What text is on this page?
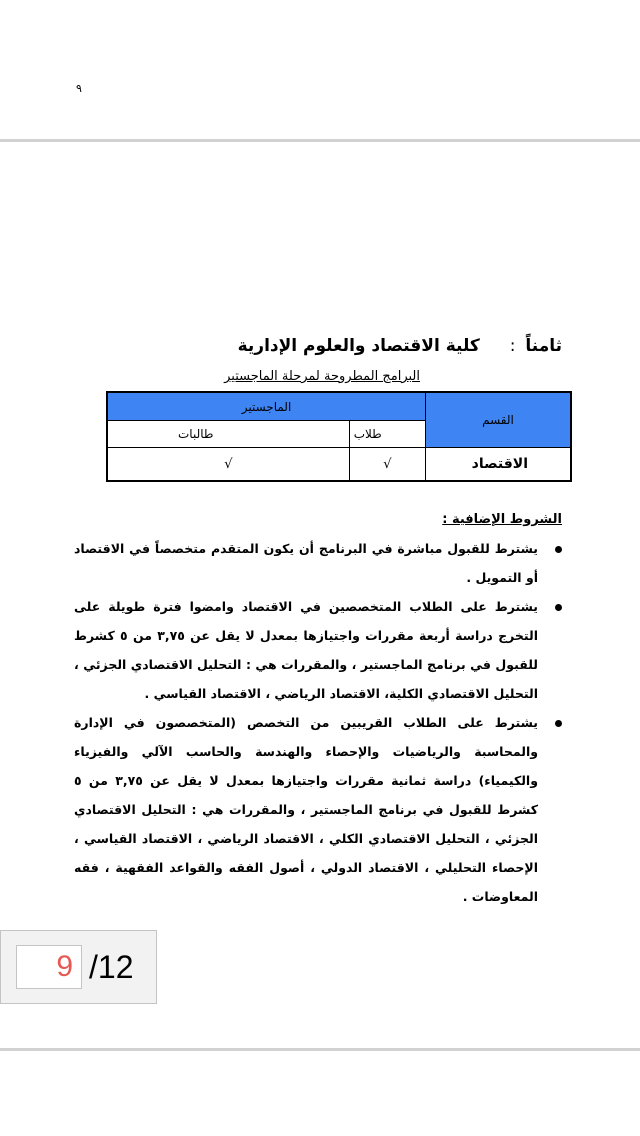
٩
ثامناً : كلية الاقتصاد والعلوم الإدارية
البرامج المطروحة لمرحلة الماجستير
القسم	الماجستير	
	طلاب	طالبات
الاقتصاد	√	√
الشروط الإضافية :
يشترط للقبول مباشرة في البرنامج أن يكون المتقدم متخصصاً في الاقتصاد أو التمويل .
يشترط على الطلاب المتخصصين في الاقتصاد وامضوا فترة طويلة على التخرج دراسة أربعة مقررات واجتيازها بمعدل لا يقل عن ٣,٧٥ من ٥ كشرط للقبول في برنامج الماجستير ، والمقررات هي : التحليل الاقتصادي الجزئي ، التحليل الاقتصادي الكلية، الاقتصاد الرياضي ، الاقتصاد القياسي .
يشترط على الطلاب القريبين من التخصص (المتخصصون في الإدارة والمحاسبة والرياضيات والإحصاء والهندسة والحاسب الآلي والفيزياء والكيمياء) دراسة ثمانية مقررات واجتيازها بمعدل لا يقل عن ٣,٧٥ من ٥ كشرط للقبول في برنامج الماجستير ، والمقررات هي : التحليل الاقتصادي الجزئي ، التحليل الاقتصادي الكلي ، الاقتصاد الرياضي ، الاقتصاد القياسي ، الإحصاء التحليلي ، الاقتصاد الدولي ، أصول الفقه والقواعد الفقهية ، فقه المعاوضات .
9 /12
